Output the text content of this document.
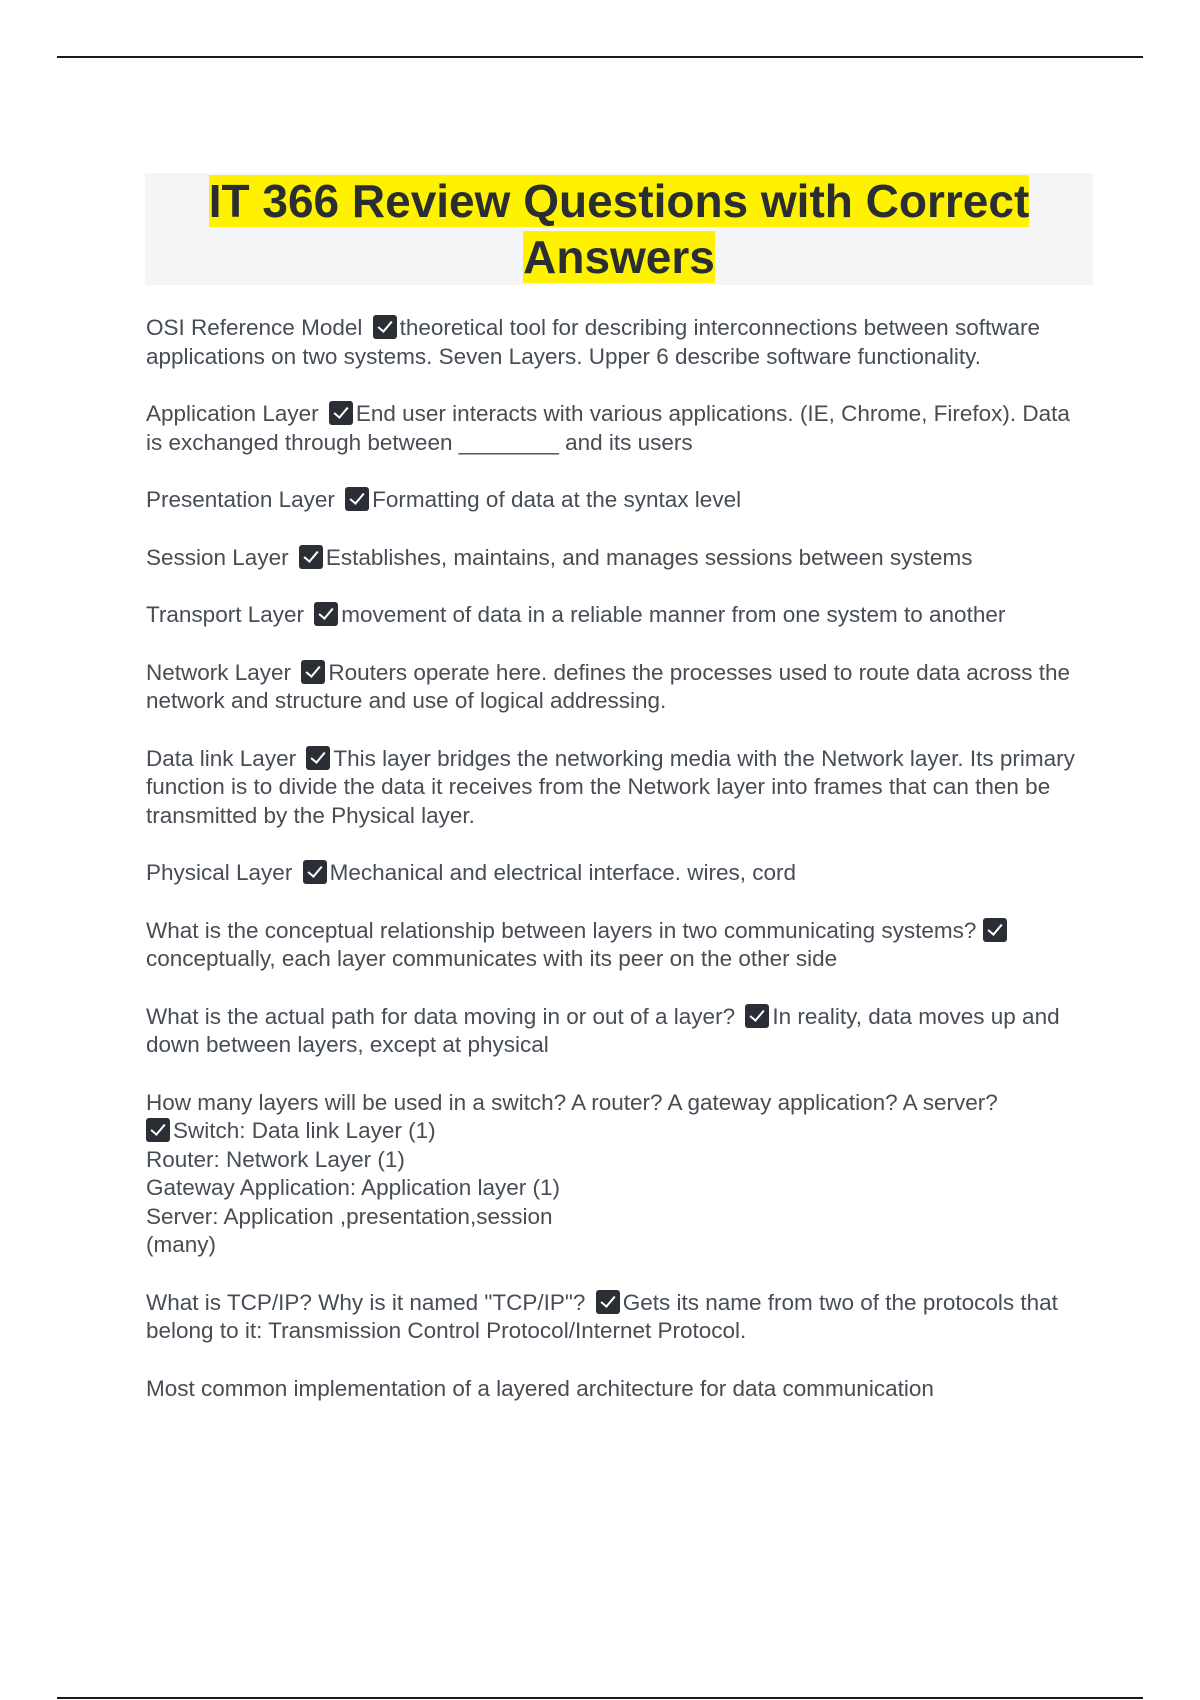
IT 366 Review Questions with Correct
Answers

OSI Reference Model theoretical tool for describing interconnections between software applications on two systems. Seven Layers. Upper 6 describe software functionality.

Application Layer End user interacts with various applications. (IE, Chrome, Firefox). Data is exchanged through between ________ and its users

Presentation Layer Formatting of data at the syntax level

Session Layer Establishes, maintains, and manages sessions between systems

Transport Layer movement of data in a reliable manner from one system to another

Network Layer Routers operate here. defines the processes used to route data across the network and structure and use of logical addressing.

Data link Layer This layer bridges the networking media with the Network layer. Its primary function is to divide the data it receives from the Network layer into frames that can then be transmitted by the Physical layer.

Physical Layer Mechanical and electrical interface. wires, cord

What is the conceptual relationship between layers in two communicating systems? conceptually, each layer communicates with its peer on the other side

What is the actual path for data moving in or out of a layer? In reality, data moves up and down between layers, except at physical

How many layers will be used in a switch? A router? A gateway application? A server?
Switch: Data link Layer (1)
Router: Network Layer (1)
Gateway Application: Application layer (1)
Server: Application ,presentation,session
(many)

What is TCP/IP? Why is it named "TCP/IP"? Gets its name from two of the protocols that belong to it: Transmission Control Protocol/Internet Protocol.

Most common implementation of a layered architecture for data communication
